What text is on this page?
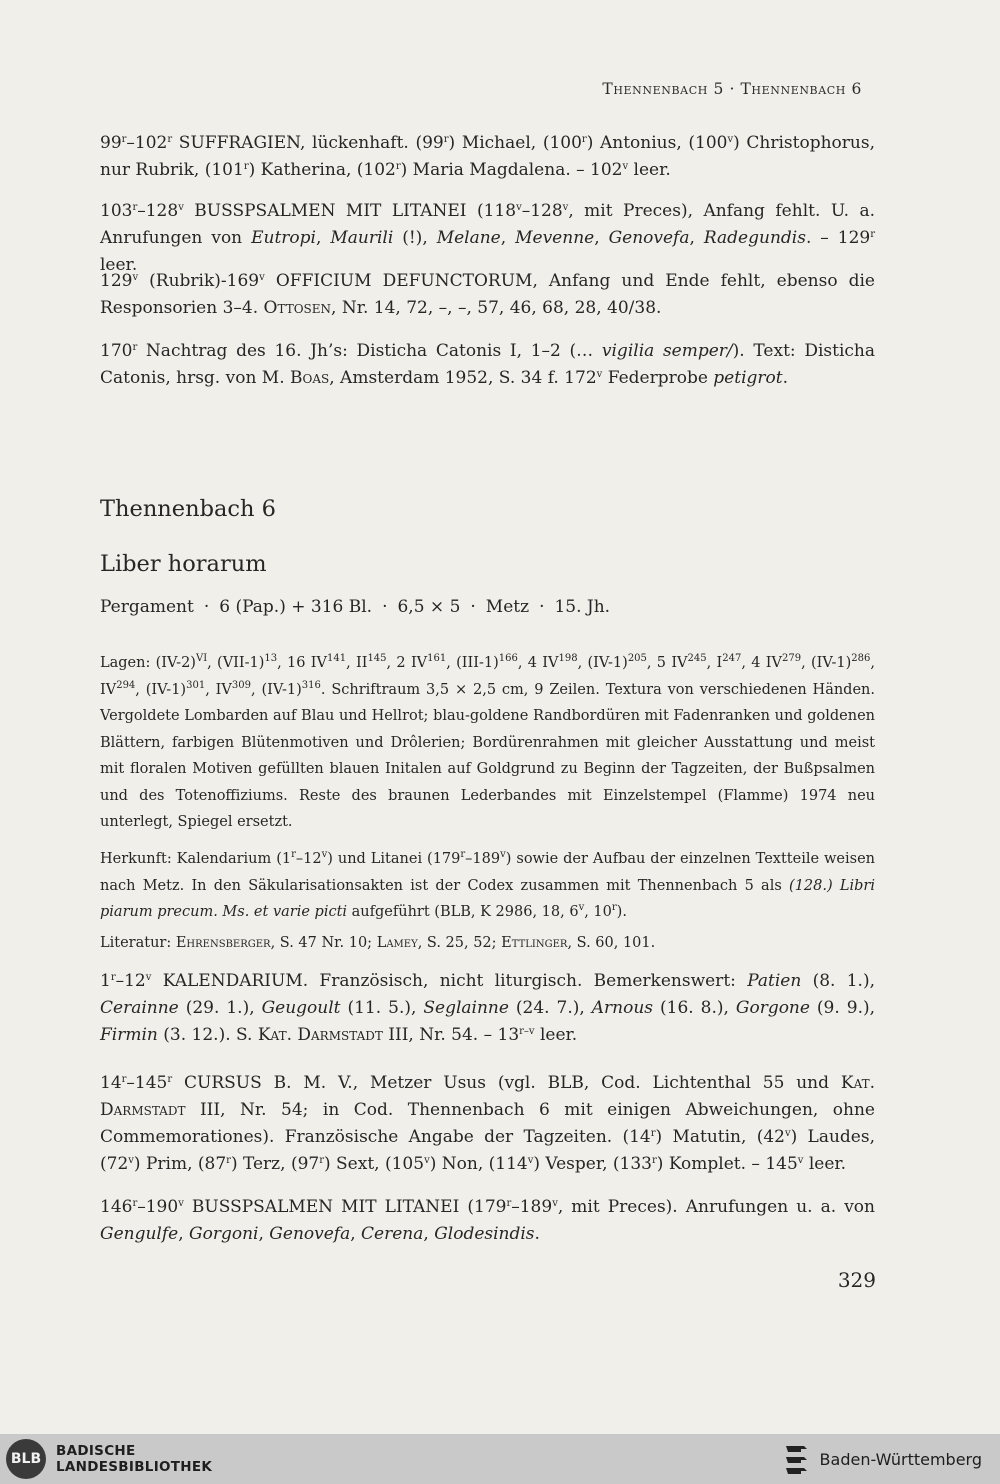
Thennenbach 5 · Thennenbach 6

99$^r$–102$^r$ SUFFRAGIEN, lückenhaft. (99$^r$) Michael, (100$^r$) Antonius, (100$^v$) Christophorus, nur Rubrik, (101$^r$) Katherina, (102$^r$) Maria Magdalena. – 102$^v$ leer.

103$^r$–128$^v$ BUSSPSALMEN MIT LITANEI (118$^v$–128$^v$, mit Preces), Anfang fehlt. U. a. Anrufungen von Eutropi, Maurili (!), Melane, Mevenne, Genovefa, Radegundis. – 129$^r$ leer.

129$^v$ (Rubrik)-169$^v$ OFFICIUM DEFUNCTORUM, Anfang und Ende fehlt, ebenso die Responsorien 3–4. Ottosen, Nr. 14, 72, –, –, 57, 46, 68, 28, 40/38.

170$^r$ Nachtrag des 16. Jh’s: Disticha Catonis I, 1–2 (… vigilia semper/). Text: Disticha Catonis, hrsg. von M. Boas, Amsterdam 1952, S. 34 f. 172$^v$ Federprobe petigrot.

Thennenbach 6
Liber horarum
Pergament · 6 (Pap.) + 316 Bl. · 6,5 × 5 · Metz · 15. Jh.

Lagen: $(IV-2)^{VI}$, $(VII-1)^{13}$, 16 IV$^{141}$, II$^{145}$, 2 IV$^{161}$, $(III-1)^{166}$, 4 IV$^{198}$, $(IV-1)^{205}$, 5 IV$^{245}$, $I^{247}$, 4 IV$^{279}$, $(IV-1)^{286}$, IV$^{294}$, $(IV-1)^{301}$, IV$^{309}$, $(IV-1)^{316}$. Schriftraum 3,5 × 2,5 cm, 9 Zeilen. Textura von verschiedenen Händen. Vergoldete Lombarden auf Blau und Hellrot; blau-goldene Randbordüren mit Fadenranken und goldenen Blättern, farbigen Blütenmotiven und Drôlerien; Bordürenrahmen mit gleicher Ausstattung und meist mit floralen Motiven gefüllten blauen Initalen auf Goldgrund zu Beginn der Tagzeiten, der Bußpsalmen und des Totenoffiziums. Reste des braunen Lederbandes mit Einzelstempel (Flamme) 1974 neu unterlegt, Spiegel ersetzt.

Herkunft: Kalendarium (1$^r$–12$^v$) und Litanei (179$^r$–189$^v$) sowie der Aufbau der einzelnen Textteile weisen nach Metz. In den Säkularisationsakten ist der Codex zusammen mit Thennenbach 5 als (128.) Libri piarum precum. Ms. et varie picti aufgeführt (BLB, K 2986, 18, 6$^v$, 10$^r$).

Literatur: Ehrensberger, S. 47 Nr. 10; Lamey, S. 25, 52; Ettlinger, S. 60, 101.

1$^r$–12$^v$ KALENDARIUM. Französisch, nicht liturgisch. Bemerkenswert: Patien (8. 1.), Cerainne (29. 1.), Geugoult (11. 5.), Seglainne (24. 7.), Arnous (16. 8.), Gorgone (9. 9.), Firmin (3. 12.). S. Kat. Darmstadt III, Nr. 54. – 13$^{r-v}$ leer.

14$^r$–145$^r$ CURSUS B. M. V., Metzer Usus (vgl. BLB, Cod. Lichtenthal 55 und Kat. Darmstadt III, Nr. 54; in Cod. Thennenbach 6 mit einigen Abweichungen, ohne Commemorationes). Französische Angabe der Tagzeiten. (14$^r$) Matutin, (42$^v$) Laudes, (72$^v$) Prim, (87$^r$) Terz, (97$^r$) Sext, (105$^v$) Non, (114$^v$) Vesper, (133$^r$) Komplet. – 145$^v$ leer.

146$^r$–190$^v$ BUSSPSALMEN MIT LITANEI (179$^r$–189$^v$, mit Preces). Anrufungen u. a. von Gengulfe, Gorgoni, Genovefa, Cerena, Glodesindis.

329
BLB	BADISCHE
LANDESBIBLIOTHEK	Baden-Württemberg
